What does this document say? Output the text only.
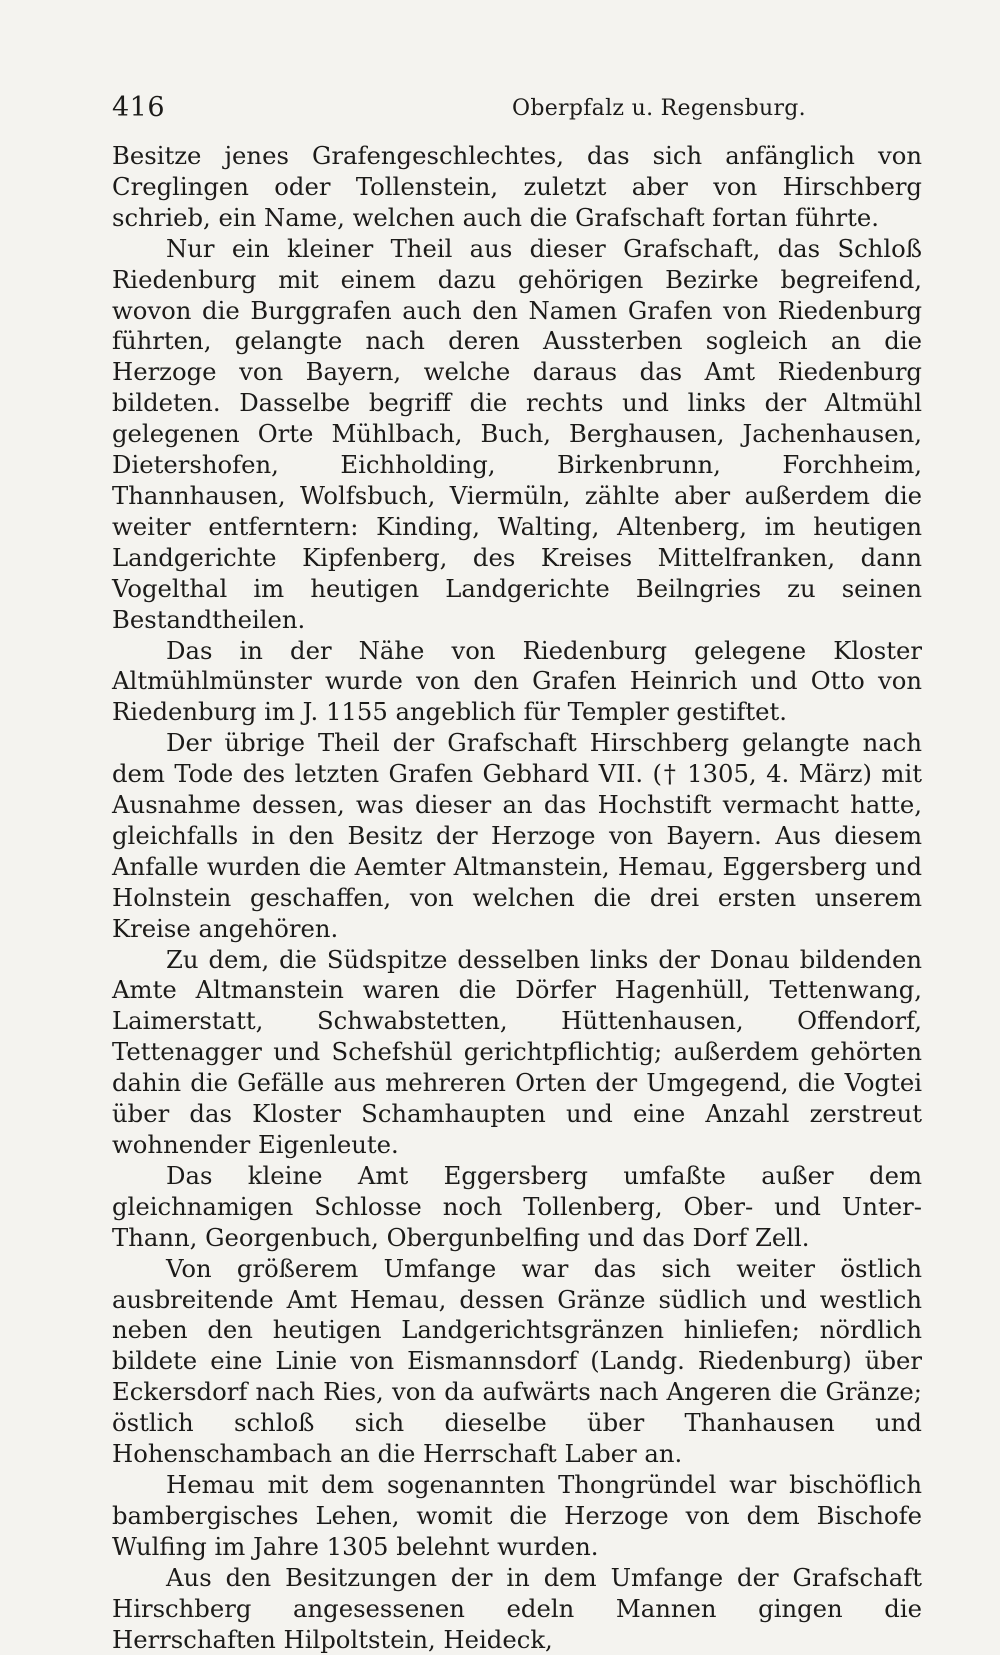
416	Oberpfalz u. Regensburg.

Besitze jenes Grafengeschlechtes, das sich anfänglich von Creglingen oder Tollenstein, zuletzt aber von Hirschberg schrieb, ein Name, welchen auch die Grafschaft fortan führte.

Nur ein kleiner Theil aus dieser Grafschaft, das Schloß Riedenburg mit einem dazu gehörigen Bezirke begreifend, wovon die Burggrafen auch den Namen Grafen von Riedenburg führten, gelangte nach deren Aussterben sogleich an die Herzoge von Bayern, welche daraus das Amt Riedenburg bildeten. Dasselbe begriff die rechts und links der Altmühl gelegenen Orte Mühlbach, Buch, Berghausen, Jachenhausen, Dietershofen, Eichholding, Birkenbrunn, Forchheim, Thannhausen, Wolfsbuch, Viermüln, zählte aber außerdem die weiter entferntern: Kinding, Walting, Altenberg, im heutigen Landgerichte Kipfenberg, des Kreises Mittelfranken, dann Vogelthal im heutigen Landgerichte Beilngries zu seinen Bestandtheilen.

Das in der Nähe von Riedenburg gelegene Kloster Altmühlmünster wurde von den Grafen Heinrich und Otto von Riedenburg im J. 1155 angeblich für Templer gestiftet.

Der übrige Theil der Grafschaft Hirschberg gelangte nach dem Tode des letzten Grafen Gebhard VII. († 1305, 4. März) mit Ausnahme dessen, was dieser an das Hochstift vermacht hatte, gleichfalls in den Besitz der Herzoge von Bayern. Aus diesem Anfalle wurden die Aemter Altmanstein, Hemau, Eggersberg und Holnstein geschaffen, von welchen die drei ersten unserem Kreise angehören.

Zu dem, die Südspitze desselben links der Donau bildenden Amte Altmanstein waren die Dörfer Hagenhüll, Tettenwang, Laimerstatt, Schwabstetten, Hüttenhausen, Offendorf, Tettenagger und Schefshül gerichtpflichtig; außerdem gehörten dahin die Gefälle aus mehreren Orten der Umgegend, die Vogtei über das Kloster Schamhaupten und eine Anzahl zerstreut wohnender Eigenleute.

Das kleine Amt Eggersberg umfaßte außer dem gleichnamigen Schlosse noch Tollenberg, Ober- und Unter-Thann, Georgenbuch, Obergunbelfing und das Dorf Zell.

Von größerem Umfange war das sich weiter östlich ausbreitende Amt Hemau, dessen Gränze südlich und westlich neben den heutigen Landgerichtsgränzen hinliefen; nördlich bildete eine Linie von Eismannsdorf (Landg. Riedenburg) über Eckersdorf nach Ries, von da aufwärts nach Angeren die Gränze; östlich schloß sich dieselbe über Thanhausen und Hohenschambach an die Herrschaft Laber an.

Hemau mit dem sogenannten Thongründel war bischöflich bambergisches Lehen, womit die Herzoge von dem Bischofe Wulfing im Jahre 1305 belehnt wurden.

Aus den Besitzungen der in dem Umfange der Grafschaft Hirschberg angesessenen edeln Mannen gingen die Herrschaften Hilpoltstein, Heideck,
